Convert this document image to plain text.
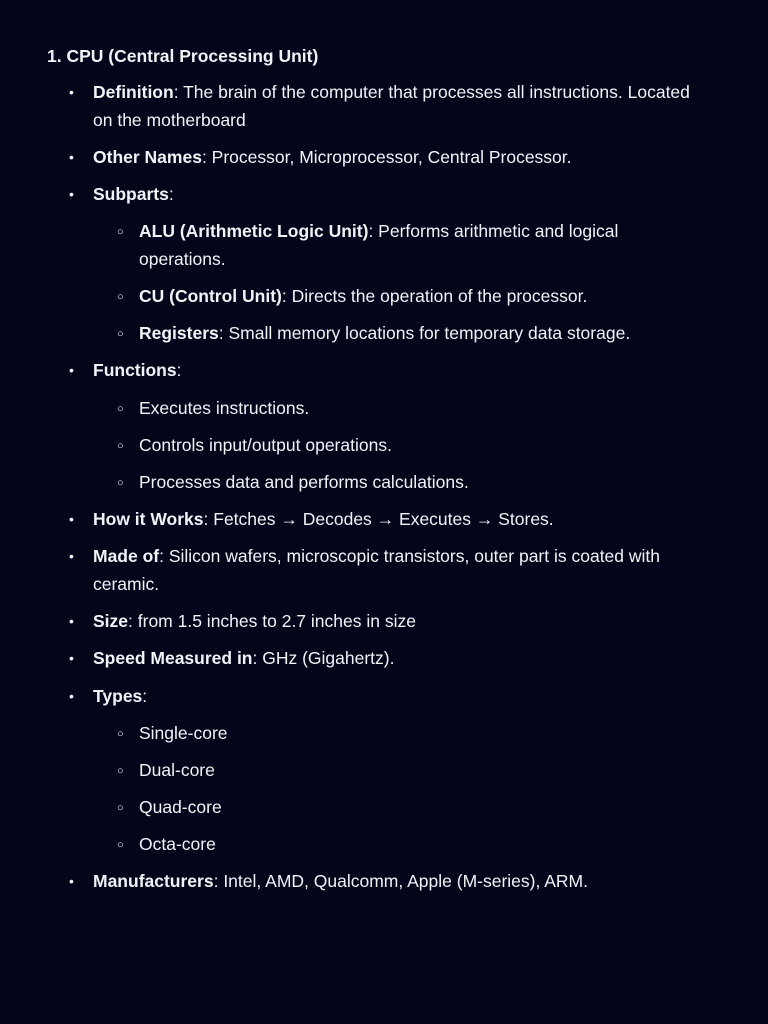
1. CPU (Central Processing Unit)
• Definition: The brain of the computer that processes all instructions. Located on the motherboard
• Other Names: Processor, Microprocessor, Central Processor.
• Subparts:
○ ALU (Arithmetic Logic Unit): Performs arithmetic and logical operations.
○ CU (Control Unit): Directs the operation of the processor.
○ Registers: Small memory locations for temporary data storage.
• Functions:
○ Executes instructions.
○ Controls input/output operations.
○ Processes data and performs calculations.
• How it Works: Fetches → Decodes → Executes → Stores.
• Made of: Silicon wafers, microscopic transistors, outer part is coated with ceramic.
• Size: from 1.5 inches to 2.7 inches in size
• Speed Measured in: GHz (Gigahertz).
• Types:
○ Single-core
○ Dual-core
○ Quad-core
○ Octa-core
• Manufacturers: Intel, AMD, Qualcomm, Apple (M-series), ARM.
